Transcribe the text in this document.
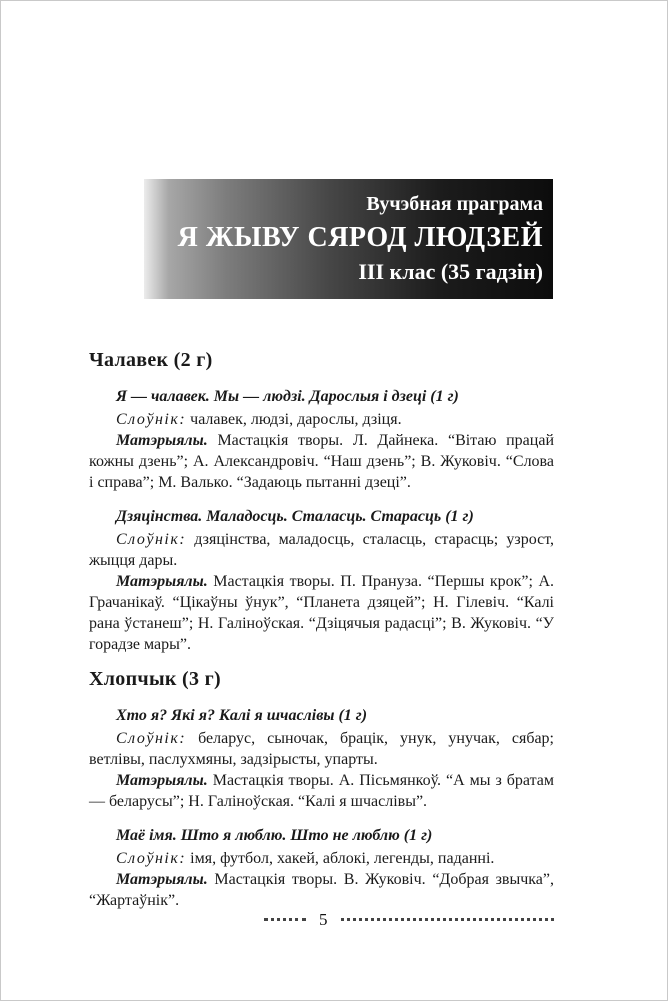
Вучэбная праграма
Я ЖЫВУ СЯРОД ЛЮДЗЕЙ
III клас (35 гадзін)
Чалавек (2 г)

Я — чалавек. Мы — людзі. Дарослыя і дзеці (1 г)

Слоўнік: чалавек, людзі, дарослы, дзіця.

Матэрыялы. Мастацкія творы. Л. Дайнека. “Вітаю працай кожны дзень”; А. Александровіч. “Наш дзень”; В. Жуковіч. “Слова і справа”; М. Валько. “Задаюць пытанні дзеці”.

Дзяцінства. Маладосць. Сталасць. Старасць (1 г)

Слоўнік: дзяцінства, маладосць, сталасць, старасць; узрост, жыцця дары.

Матэрыялы. Мастацкія творы. П. Прануза. “Першы крок”; А. Грачанікаў. “Цікаўны ўнук”, “Планета дзяцей”; Н. Гілевіч. “Калі рана ўстанеш”; Н. Галіноўская. “Дзіцячыя радасці”; В. Жуковіч. “У горадзе мары”.

Хлопчык (3 г)

Хто я? Які я? Калі я шчаслівы (1 г)

Слоўнік: беларус, сыночак, брацік, унук, унучак, сябар; ветлівы, паслухмяны, задзірысты, упарты.

Матэрыялы. Мастацкія творы. А. Пісьмянкоў. “А мы з братам — беларусы”; Н. Галіноўская. “Калі я шчаслівы”.

Маё імя. Што я люблю. Што не люблю (1 г)

Слоўнік: імя, футбол, хакей, аблокі, легенды, паданні.

Матэрыялы. Мастацкія творы. В. Жуковіч. “Добрая звычка”, “Жартаўнік”.

5
